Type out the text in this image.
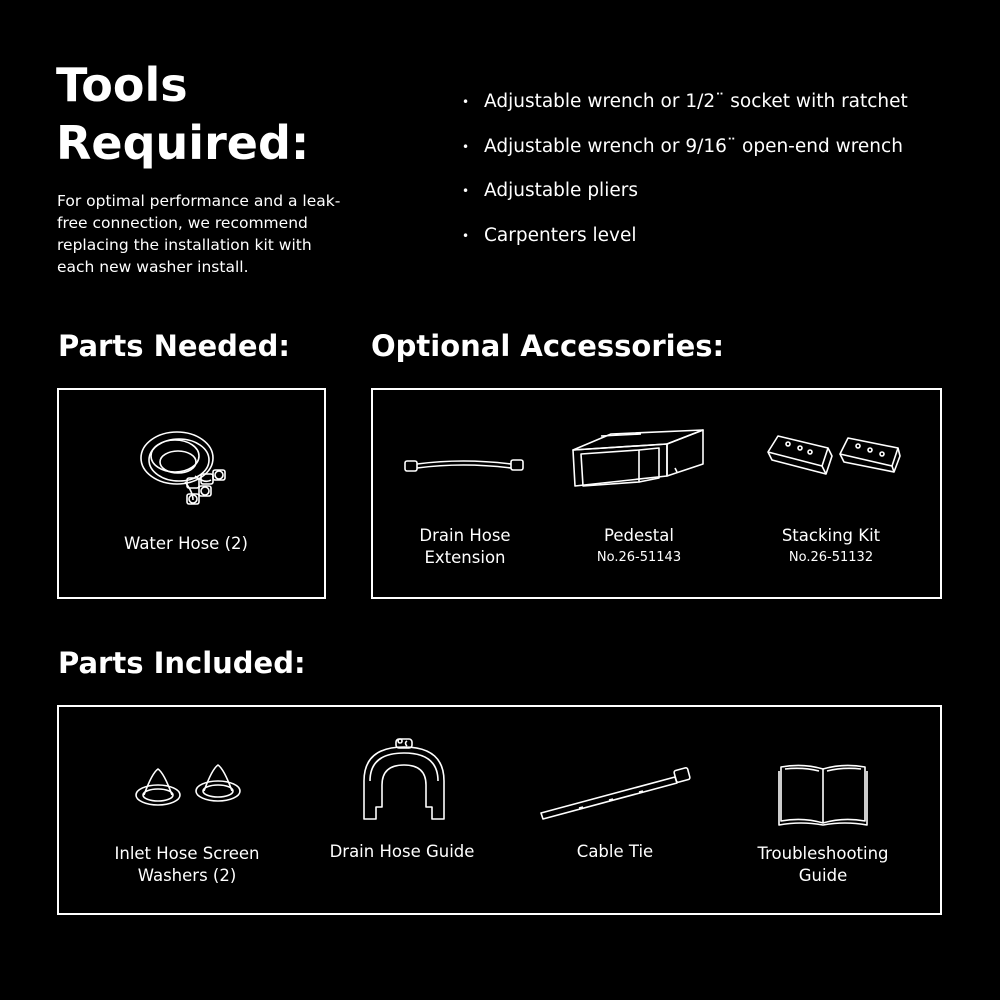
Tools
Required:

For optimal performance and a leak-
free connection, we recommend
replacing the installation kit with
each new washer install.

• Adjustable wrench or 1/2¨ socket with ratchet
• Adjustable wrench or 9/16¨ open-end wrench
• Adjustable pliers
• Carpenters level
Parts Needed:	Optional Accessories:
Parts Included:
Water Hose (2)	Drain Hose
Extension
Pedestal
No.26-51143
Stacking Kit
No.26-51132
Inlet Hose Screen
Washers (2)
Drain Hose Guide	Cable Tie	Troubleshooting
Guide
